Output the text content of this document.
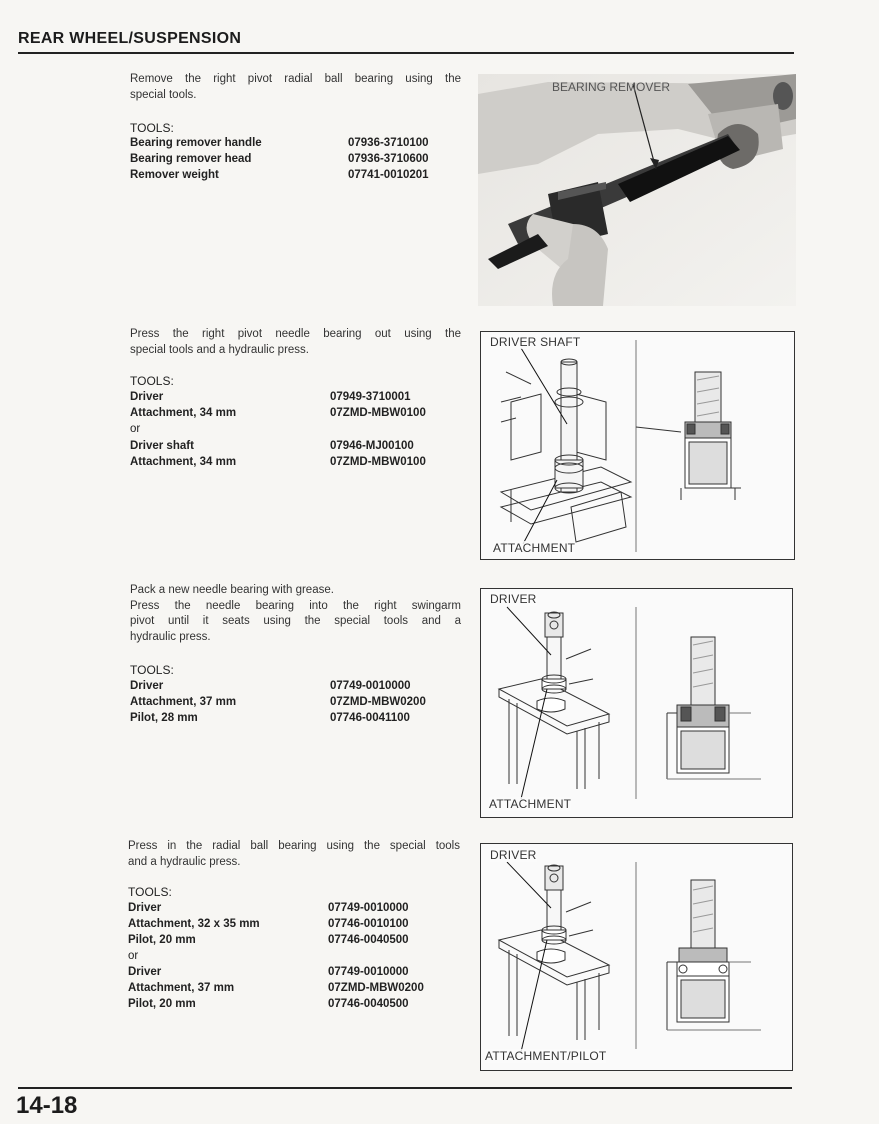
REAR WHEEL/SUSPENSION
Remove the right pivot radial ball bearing using the
special tools.
TOOLS:
Bearing remover handle	07936-3710100
Bearing remover head	07936-3710600
Remover weight	07741-0010201
BEARING REMOVER
Press the right pivot needle bearing out using the
special tools and a hydraulic press.
TOOLS:
Driver	07949-3710001
Attachment, 34 mm	07ZMD-MBW0100
or
Driver shaft	07946-MJ00100
Attachment, 34 mm	07ZMD-MBW0100
DRIVER SHAFT
ATTACHMENT
Pack a new needle bearing with grease.
Press the needle bearing into the right swingarm
pivot until it seats using the special tools and a
hydraulic press.
TOOLS:
Driver	07749-0010000
Attachment, 37 mm	07ZMD-MBW0200
Pilot, 28 mm	07746-0041100
DRIVER
ATTACHMENT
Press in the radial ball bearing using the special tools
and a hydraulic press.
TOOLS:
Driver	07749-0010000
Attachment, 32 x 35 mm	07746-0010100
Pilot, 20 mm	07746-0040500
or
Driver	07749-0010000
Attachment, 37 mm	07ZMD-MBW0200
Pilot, 20 mm	07746-0040500
DRIVER
ATTACHMENT/PILOT
14-18
